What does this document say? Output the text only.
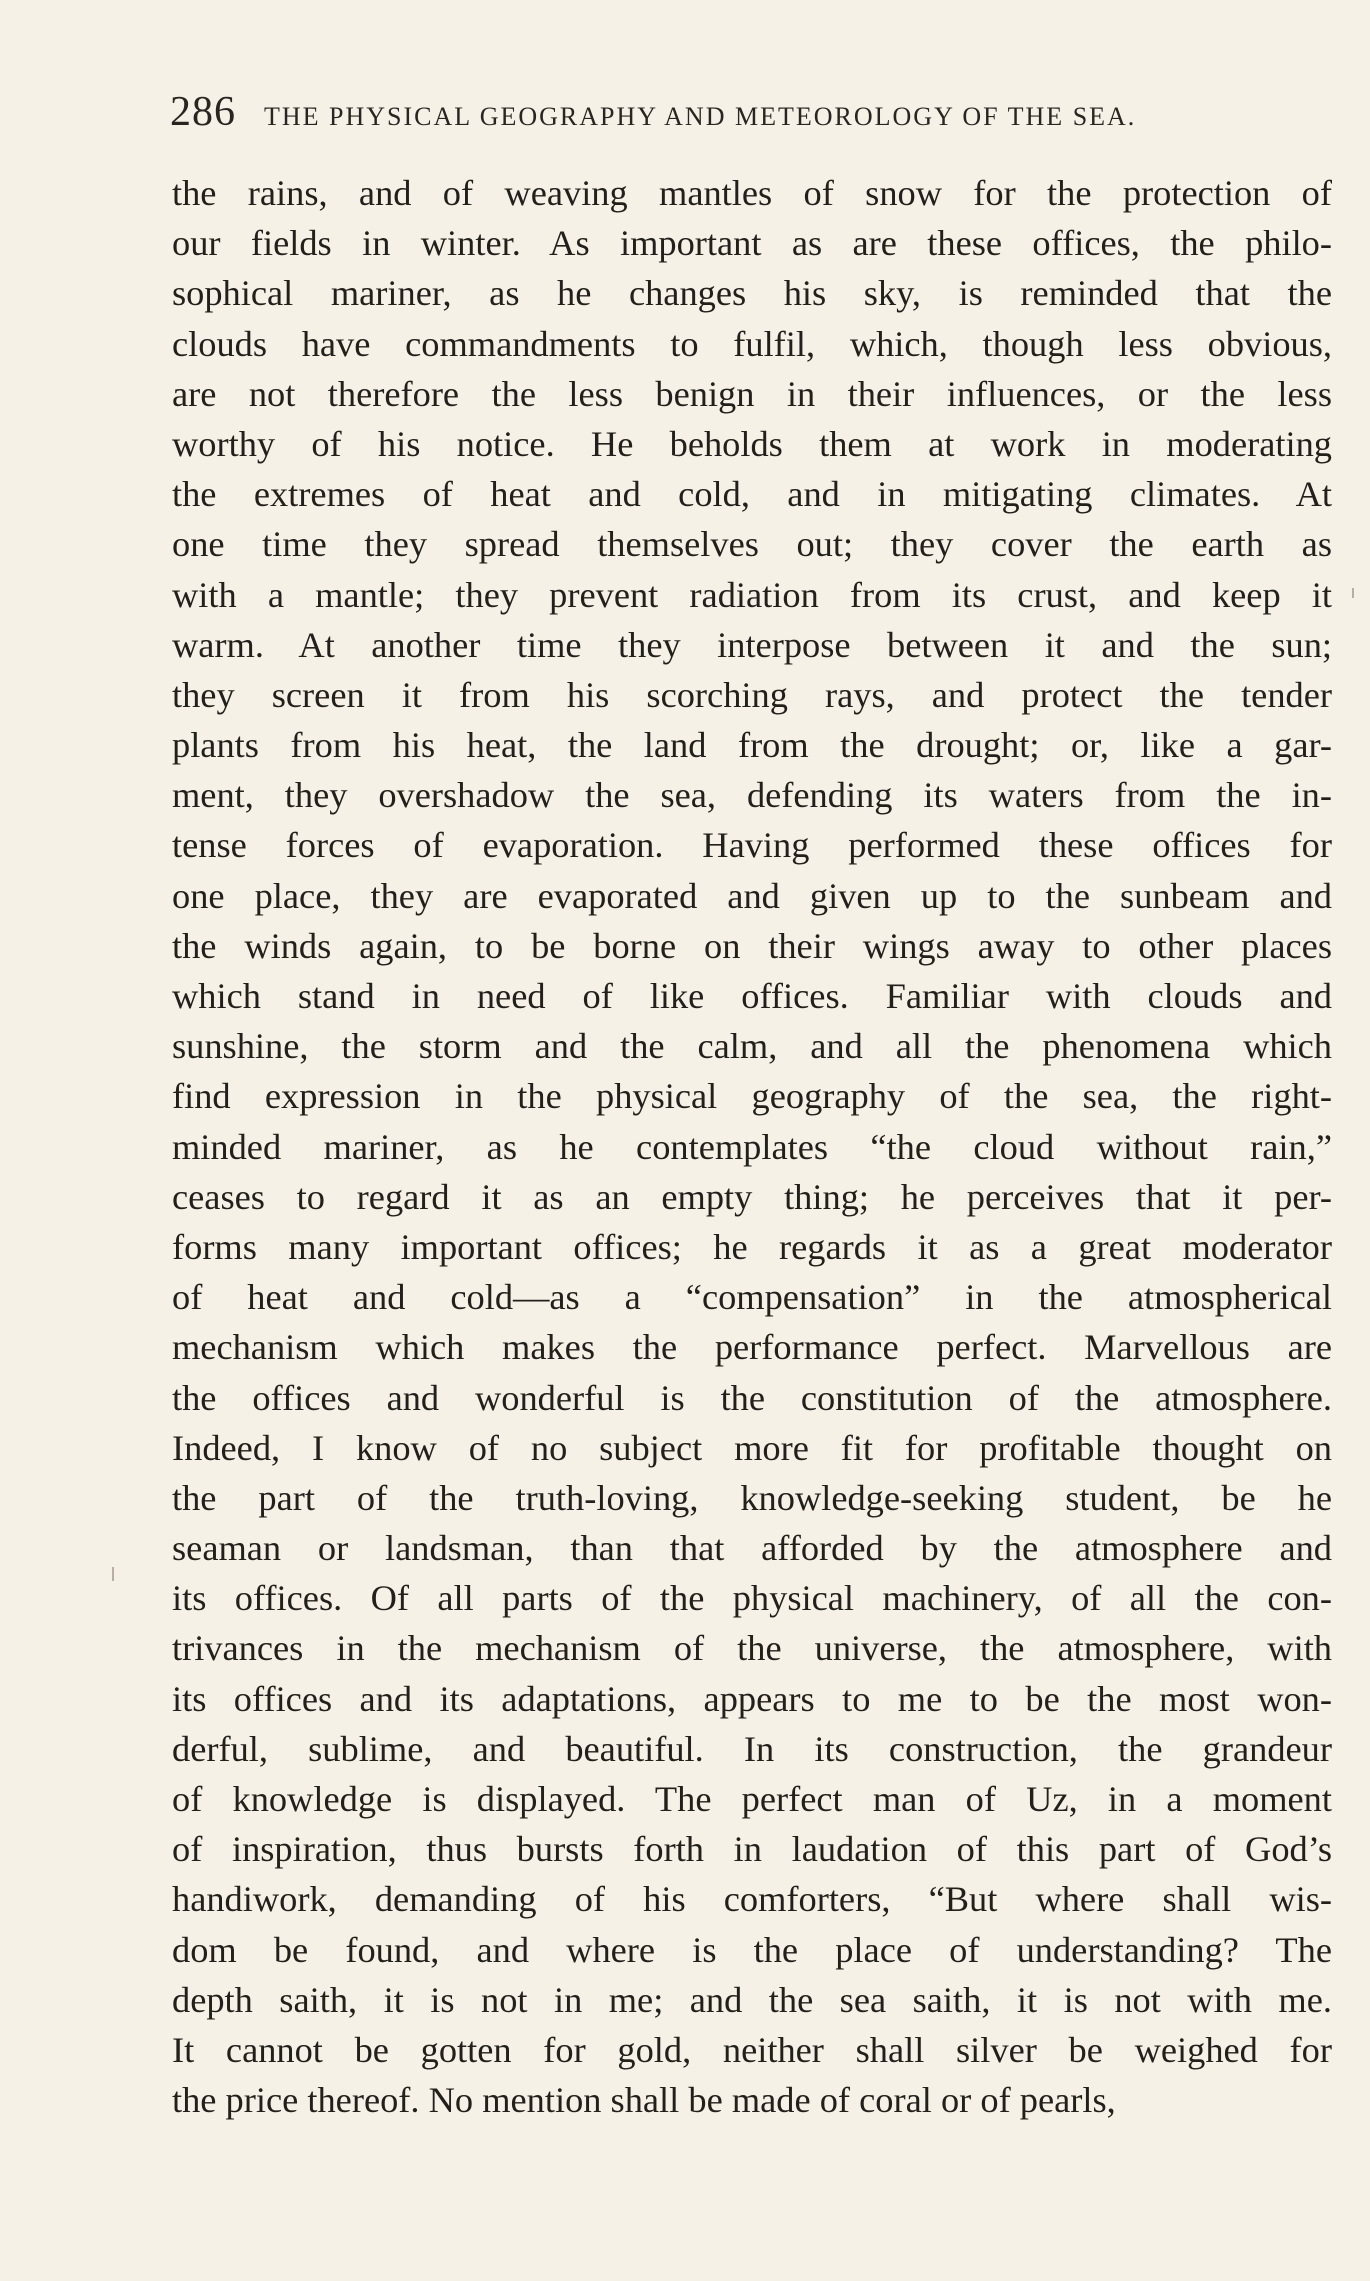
286 THE PHYSICAL GEOGRAPHY AND METEOROLOGY OF THE SEA.
the rains, and of weaving mantles of snow for the protection of
our fields in winter. As important as are these offices, the philo-
sophical mariner, as he changes his sky, is reminded that the
clouds have commandments to fulfil, which, though less obvious,
are not therefore the less benign in their influences, or the less
worthy of his notice. He beholds them at work in moderating
the extremes of heat and cold, and in mitigating climates. At
one time they spread themselves out; they cover the earth as
with a mantle; they prevent radiation from its crust, and keep it
warm. At another time they interpose between it and the sun;
they screen it from his scorching rays, and protect the tender
plants from his heat, the land from the drought; or, like a gar-
ment, they overshadow the sea, defending its waters from the in-
tense forces of evaporation. Having performed these offices for
one place, they are evaporated and given up to the sunbeam and
the winds again, to be borne on their wings away to other places
which stand in need of like offices. Familiar with clouds and
sunshine, the storm and the calm, and all the phenomena which
find expression in the physical geography of the sea, the right-
minded mariner, as he contemplates “the cloud without rain,”
ceases to regard it as an empty thing; he perceives that it per-
forms many important offices; he regards it as a great moderator
of heat and cold—as a “compensation” in the atmospherical
mechanism which makes the performance perfect. Marvellous are
the offices and wonderful is the constitution of the atmosphere.
Indeed, I know of no subject more fit for profitable thought on
the part of the truth-loving, knowledge-seeking student, be he
seaman or landsman, than that afforded by the atmosphere and
its offices. Of all parts of the physical machinery, of all the con-
trivances in the mechanism of the universe, the atmosphere, with
its offices and its adaptations, appears to me to be the most won-
derful, sublime, and beautiful. In its construction, the grandeur
of knowledge is displayed. The perfect man of Uz, in a moment
of inspiration, thus bursts forth in laudation of this part of God’s
handiwork, demanding of his comforters, “But where shall wis-
dom be found, and where is the place of understanding? The
depth saith, it is not in me; and the sea saith, it is not with me.
It cannot be gotten for gold, neither shall silver be weighed for
the price thereof. No mention shall be made of coral or of pearls,
